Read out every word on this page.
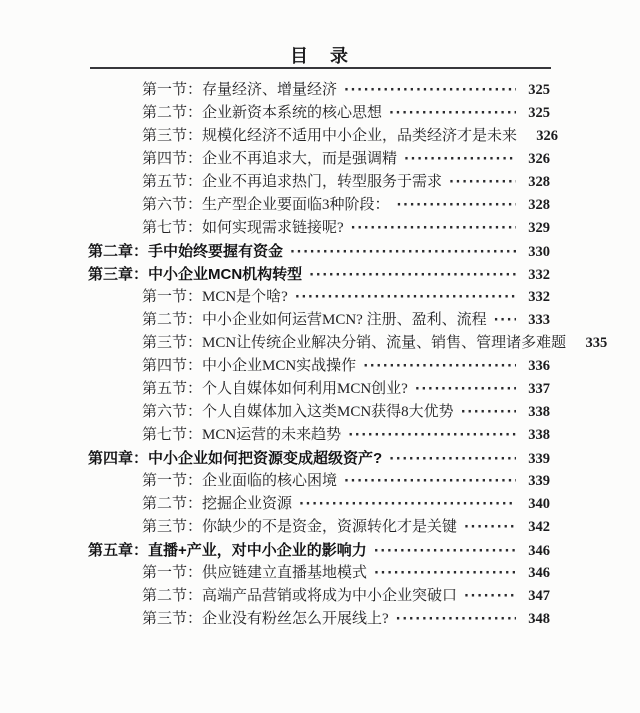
目　录
第一节：存量经济、增量经济 ·····	325
第二节：企业新资本系统的核心思想 ·····	325
第三节：规模化经济不适用中小企业，品类经济才是未来 326
第四节：企业不再追求大，而是强调精 ·····	326
第五节：企业不再追求热门，转型服务于需求 ·····	328
第六节：生产型企业要面临3种阶段： ·····	328
第七节：如何实现需求链接呢? ·····	329
第二章：手中始终要握有资金 ·····	330
第三章：中小企业MCN机构转型 ·····	332
第一节：MCN是个啥? ·····	332
第二节：中小企业如何运营MCN? 注册、盈利、流程 ·····	333
第三节：MCN让传统企业解决分销、流量、销售、管理诸多难题 335
第四节：中小企业MCN实战操作 ·····	336
第五节：个人自媒体如何利用MCN创业? ·····	337
第六节：个人自媒体加入这类MCN获得8大优势 ·····	338
第七节：MCN运营的未来趋势 ·····	338
第四章：中小企业如何把资源变成超级资产? ·····	339
第一节：企业面临的核心困境 ·····	339
第二节：挖掘企业资源 ·····	340
第三节：你缺少的不是资金，资源转化才是关键 ·····	342
第五章：直播+产业，对中小企业的影响力 ·····	346
第一节：供应链建立直播基地模式 ·····	346
第二节：高端产品营销或将成为中小企业突破口 ·····	347
第三节：企业没有粉丝怎么开展线上? ·····	348
